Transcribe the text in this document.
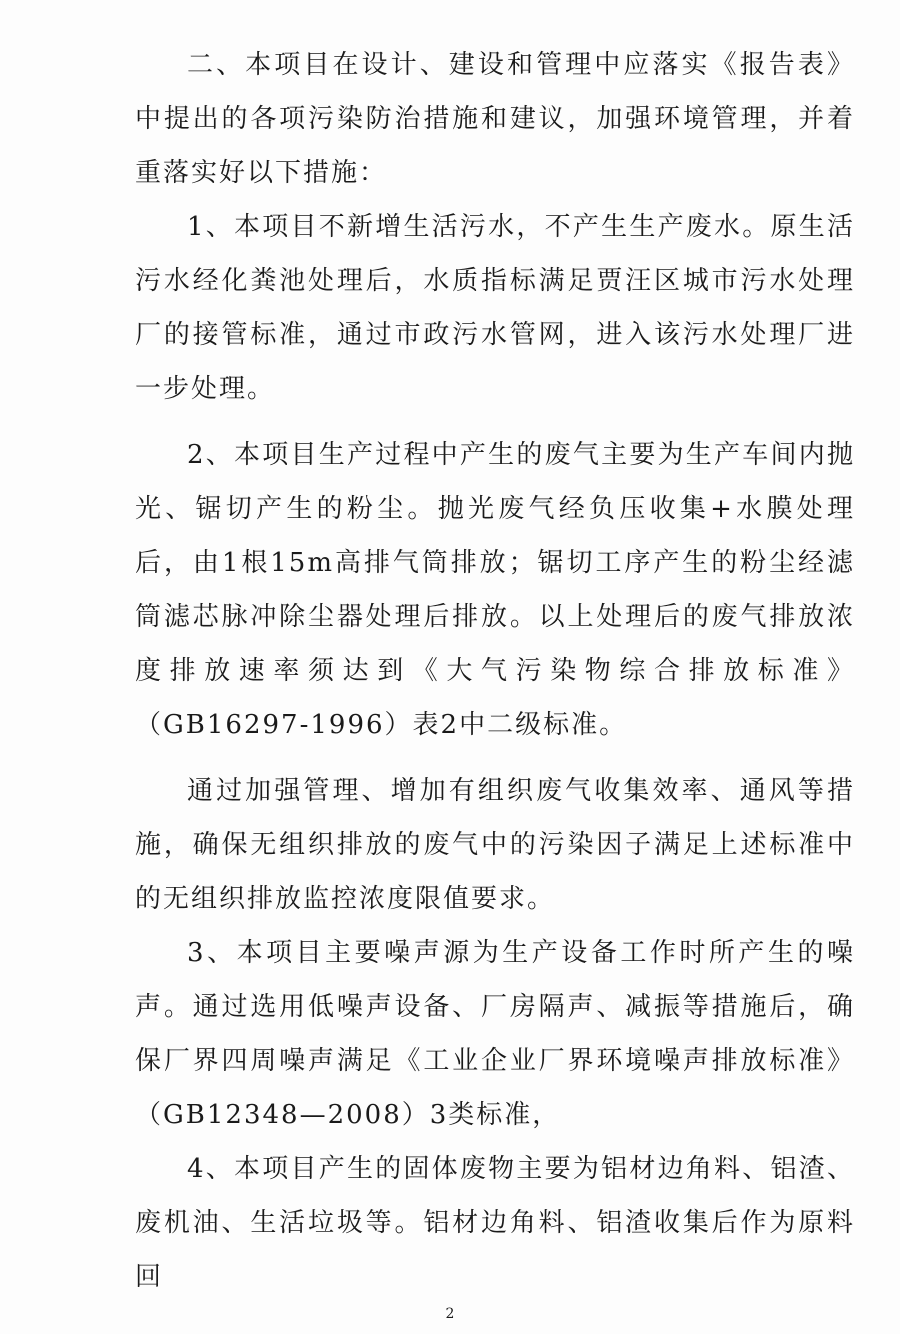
二、本项目在设计、建设和管理中应落实《报告表》中提出的各项污染防治措施和建议，加强环境管理，并着重落实好以下措施：

1、本项目不新增生活污水，不产生生产废水。原生活污水经化粪池处理后，水质指标满足贾汪区城市污水处理厂的接管标准，通过市政污水管网，进入该污水处理厂进一步处理。

2、本项目生产过程中产生的废气主要为生产车间内抛光、锯切产生的粉尘。抛光废气经负压收集+水膜处理后，由1根15m高排气筒排放；锯切工序产生的粉尘经滤筒滤芯脉冲除尘器处理后排放。以上处理后的废气排放浓度排放速率须达到《大气污染物综合排放标准》（GB16297-1996）表2中二级标准。

通过加强管理、增加有组织废气收集效率、通风等措施，确保无组织排放的废气中的污染因子满足上述标准中的无组织排放监控浓度限值要求。

3、本项目主要噪声源为生产设备工作时所产生的噪声。通过选用低噪声设备、厂房隔声、减振等措施后，确保厂界四周噪声满足《工业企业厂界环境噪声排放标准》（GB12348—2008）3类标准，

4、本项目产生的固体废物主要为铝材边角料、铝渣、废机油、生活垃圾等。铝材边角料、铝渣收集后作为原料回

2
